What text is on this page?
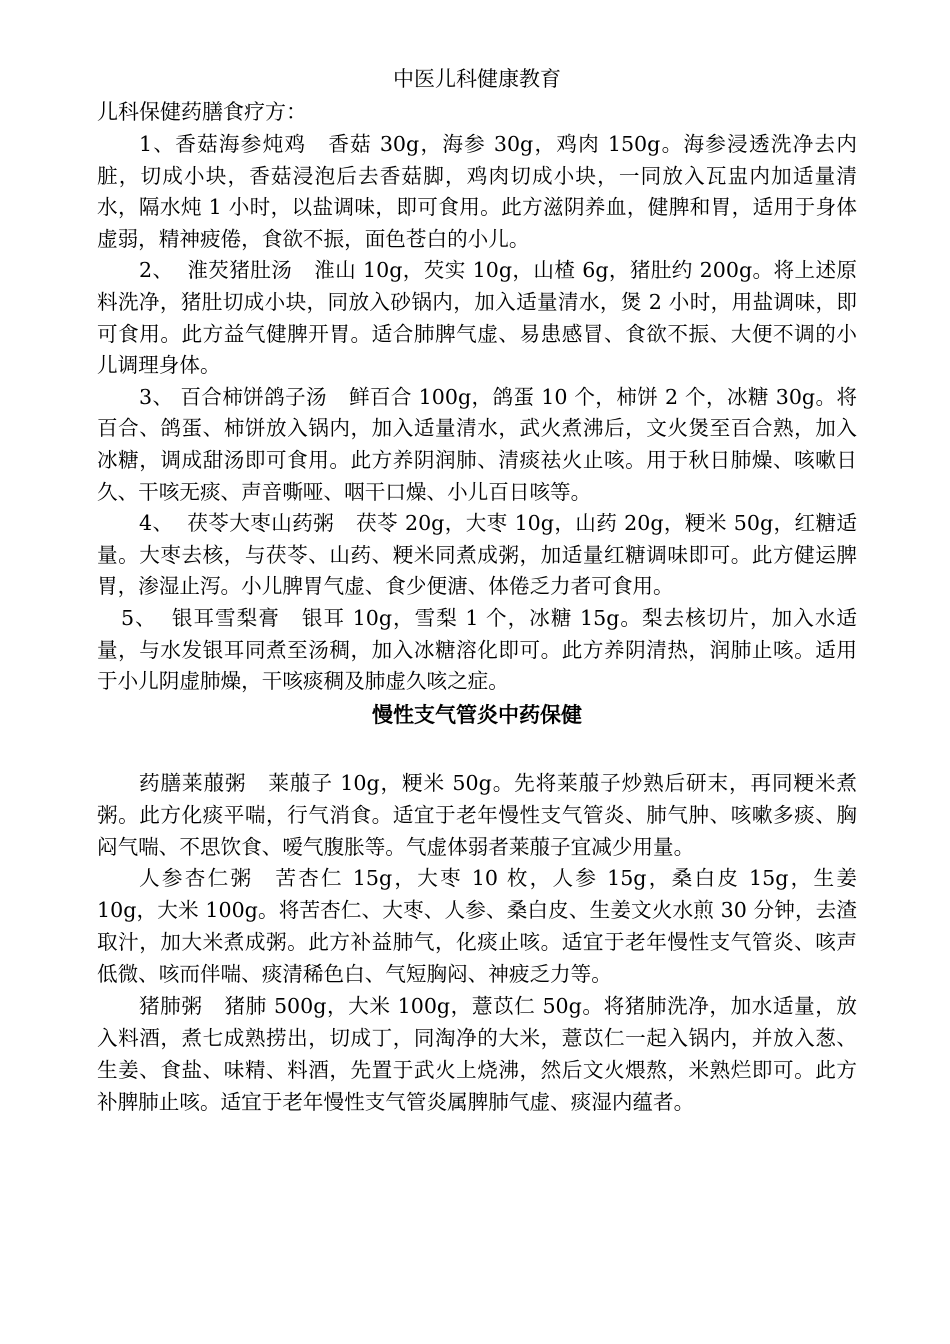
中医儿科健康教育

儿科保健药膳食疗方：

1、香菇海参炖鸡 香菇 30g，海参 30g，鸡肉 150g。海参浸透洗净去内脏，切成小块，香菇浸泡后去香菇脚，鸡肉切成小块，一同放入瓦盅内加适量清水，隔水炖 1 小时，以盐调味，即可食用。此方滋阴养血，健脾和胃，适用于身体虚弱，精神疲倦，食欲不振，面色苍白的小儿。

2、 淮芡猪肚汤 淮山 10g，芡实 10g，山楂 6g，猪肚约 200g。将上述原料洗净，猪肚切成小块，同放入砂锅内，加入适量清水，煲 2 小时，用盐调味，即可食用。此方益气健脾开胃。适合肺脾气虚、易患感冒、食欲不振、大便不调的小儿调理身体。

3、 百合柿饼鸽子汤 鲜百合 100g，鸽蛋 10 个，柿饼 2 个，冰糖 30g。将百合、鸽蛋、柿饼放入锅内，加入适量清水，武火煮沸后，文火煲至百合熟，加入冰糖，调成甜汤即可食用。此方养阴润肺、清痰祛火止咳。用于秋日肺燥、咳嗽日久、干咳无痰、声音嘶哑、咽干口燥、小儿百日咳等。

4、 茯苓大枣山药粥 茯苓 20g，大枣 10g，山药 20g，粳米 50g，红糖适量。大枣去核，与茯苓、山药、粳米同煮成粥，加适量红糖调味即可。此方健运脾胃，渗湿止泻。小儿脾胃气虚、食少便溏、体倦乏力者可食用。

5、 银耳雪梨膏 银耳 10g，雪梨 1 个，冰糖 15g。梨去核切片，加入水适量，与水发银耳同煮至汤稠，加入冰糖溶化即可。此方养阴清热，润肺止咳。适用于小儿阴虚肺燥，干咳痰稠及肺虚久咳之症。

慢性支气管炎中药保健

药膳莱菔粥 莱菔子 10g，粳米 50g。先将莱菔子炒熟后研末，再同粳米煮粥。此方化痰平喘，行气消食。适宜于老年慢性支气管炎、肺气肿、咳嗽多痰、胸闷气喘、不思饮食、嗳气腹胀等。气虚体弱者莱菔子宜减少用量。

人参杏仁粥 苦杏仁 15g，大枣 10 枚，人参 15g，桑白皮 15g，生姜 10g，大米 100g。将苦杏仁、大枣、人参、桑白皮、生姜文火水煎 30 分钟，去渣取汁，加大米煮成粥。此方补益肺气，化痰止咳。适宜于老年慢性支气管炎、咳声低微、咳而伴喘、痰清稀色白、气短胸闷、神疲乏力等。

猪肺粥 猪肺 500g，大米 100g，薏苡仁 50g。将猪肺洗净，加水适量，放入料酒，煮七成熟捞出，切成丁，同淘净的大米，薏苡仁一起入锅内，并放入葱、生姜、食盐、味精、料酒，先置于武火上烧沸，然后文火煨熬，米熟烂即可。此方补脾肺止咳。适宜于老年慢性支气管炎属脾肺气虚、痰湿内蕴者。
